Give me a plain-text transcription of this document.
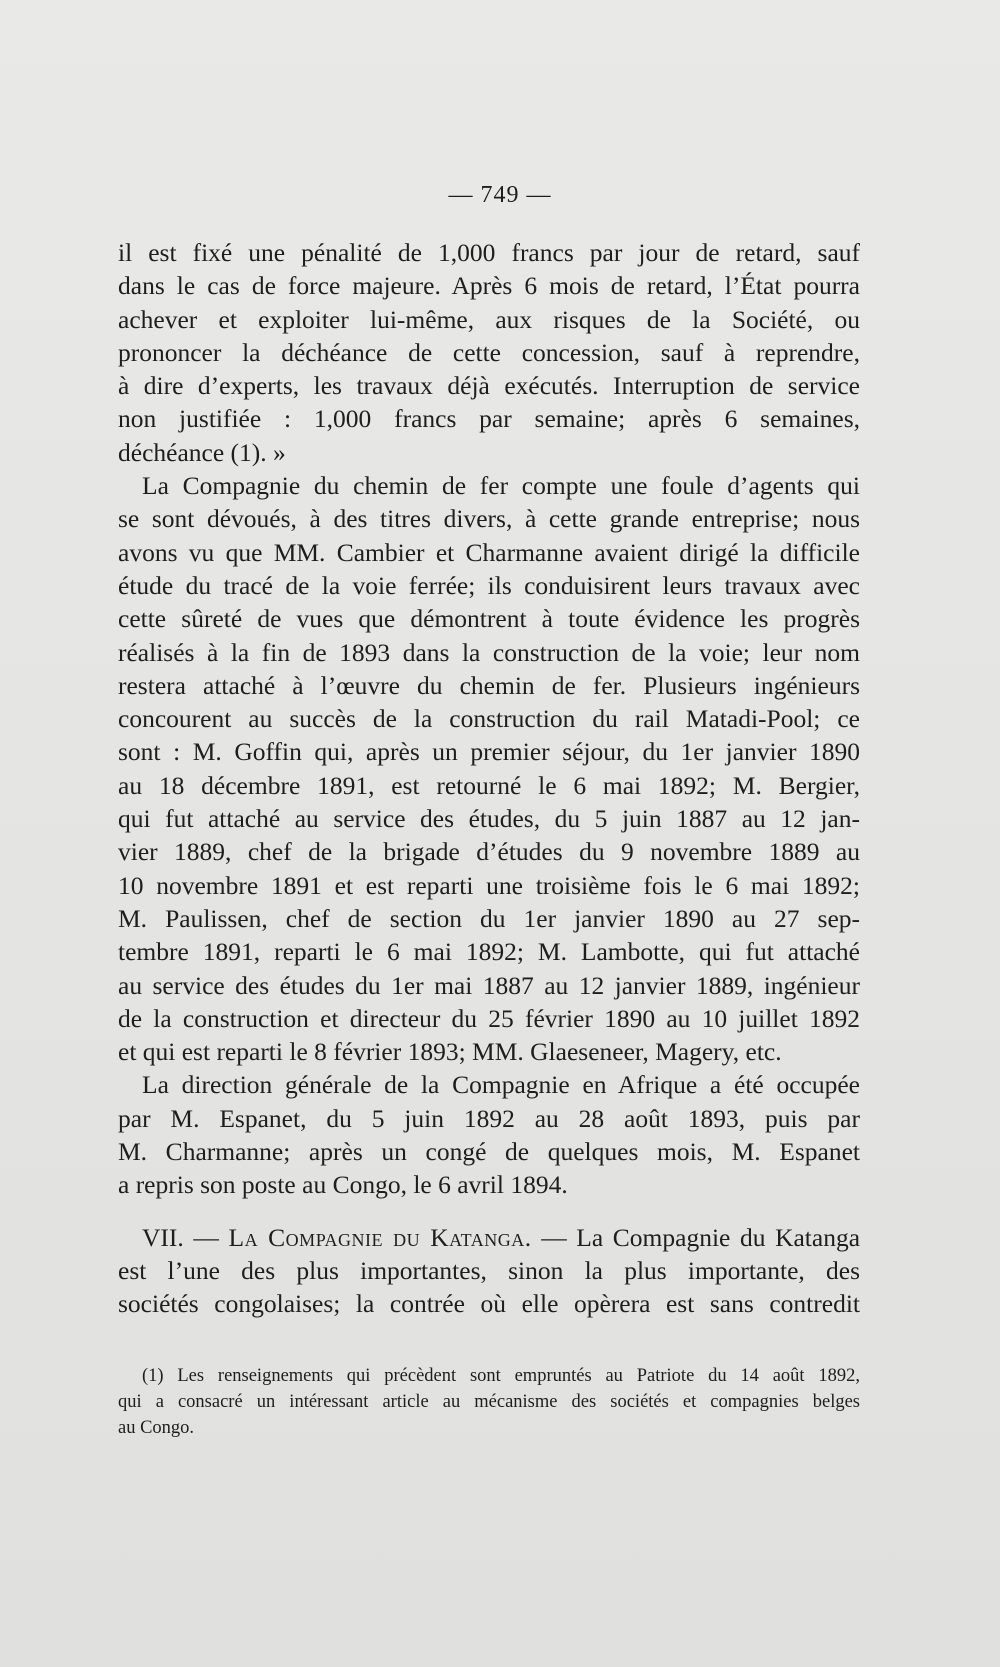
— 749 —
il est fixé une pénalité de 1,000 francs par jour de retard, sauf
dans le cas de force majeure. Après 6 mois de retard, l’État pourra
achever et exploiter lui-même, aux risques de la Société, ou
prononcer la déchéance de cette concession, sauf à reprendre,
à dire d’experts, les travaux déjà exécutés. Interruption de service
non justifiée : 1,000 francs par semaine; après 6 semaines,
déchéance (1). »
La Compagnie du chemin de fer compte une foule d’agents qui
se sont dévoués, à des titres divers, à cette grande entreprise; nous
avons vu que MM. Cambier et Charmanne avaient dirigé la difficile
étude du tracé de la voie ferrée; ils conduisirent leurs travaux avec
cette sûreté de vues que démontrent à toute évidence les progrès
réalisés à la fin de 1893 dans la construction de la voie; leur nom
restera attaché à l’œuvre du chemin de fer. Plusieurs ingénieurs
concourent au succès de la construction du rail Matadi-Pool; ce
sont : M. Goffin qui, après un premier séjour, du 1er janvier 1890
au 18 décembre 1891, est retourné le 6 mai 1892; M. Bergier,
qui fut attaché au service des études, du 5 juin 1887 au 12 jan-
vier 1889, chef de la brigade d’études du 9 novembre 1889 au
10 novembre 1891 et est reparti une troisième fois le 6 mai 1892;
M. Paulissen, chef de section du 1er janvier 1890 au 27 sep-
tembre 1891, reparti le 6 mai 1892; M. Lambotte, qui fut attaché
au service des études du 1er mai 1887 au 12 janvier 1889, ingénieur
de la construction et directeur du 25 février 1890 au 10 juillet 1892
et qui est reparti le 8 février 1893; MM. Glaeseneer, Magery, etc.
La direction générale de la Compagnie en Afrique a été occupée
par M. Espanet, du 5 juin 1892 au 28 août 1893, puis par
M. Charmanne; après un congé de quelques mois, M. Espanet
a repris son poste au Congo, le 6 avril 1894.
VII. — La Compagnie du Katanga. — La Compagnie du Katanga
est l’une des plus importantes, sinon la plus importante, des
sociétés congolaises; la contrée où elle opèrera est sans contredit
(1) Les renseignements qui précèdent sont empruntés au Patriote du 14 août 1892,
qui a consacré un intéressant article au mécanisme des sociétés et compagnies belges
au Congo.
